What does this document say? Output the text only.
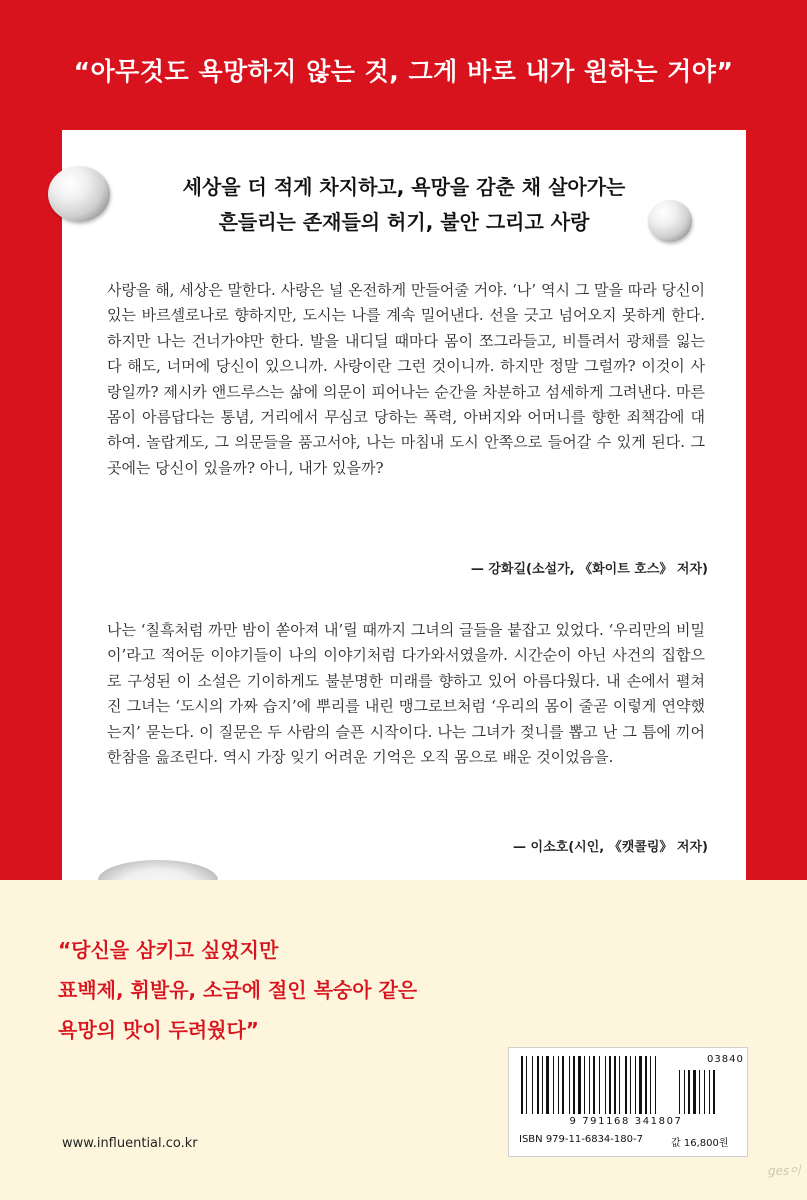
“아무것도 욕망하지 않는 것, 그게 바로 내가 원하는 거야”
세상을 더 적게 차지하고, 욕망을 감춘 채 살아가는
흔들리는 존재들의 허기, 불안 그리고 사랑

사랑을 해, 세상은 말한다. 사랑은 널 온전하게 만들어줄 거야. ‘나’ 역시 그 말을 따라 당신이 있는 바르셀로나로 향하지만, 도시는 나를 계속 밀어낸다. 선을 긋고 넘어오지 못하게 한다. 하지만 나는 건너가야만 한다. 발을 내디딜 때마다 몸이 쪼그라들고, 비틀려서 광채를 잃는다 해도, 너머에 당신이 있으니까. 사랑이란 그런 것이니까. 하지만 정말 그럴까? 이것이 사랑일까? 제시카 앤드루스는 삶에 의문이 피어나는 순간을 차분하고 섬세하게 그려낸다. 마른 몸이 아름답다는 통념, 거리에서 무심코 당하는 폭력, 아버지와 어머니를 향한 죄책감에 대하여. 놀랍게도, 그 의문들을 품고서야, 나는 마침내 도시 안쪽으로 들어갈 수 있게 된다. 그곳에는 당신이 있을까? 아니, 내가 있을까?

— 강화길(소설가, 《화이트 호스》 저자)

나는 ‘칠흑처럼 까만 밤이 쏟아져 내’릴 때까지 그녀의 글들을 붙잡고 있었다. ‘우리만의 비밀이’라고 적어둔 이야기들이 나의 이야기처럼 다가와서였을까. 시간순이 아닌 사건의 집합으로 구성된 이 소설은 기이하게도 불분명한 미래를 향하고 있어 아름다웠다. 내 손에서 펼쳐진 그녀는 ‘도시의 가짜 습지’에 뿌리를 내린 맹그로브처럼 ‘우리의 몸이 줄곧 이렇게 연약했는지’ 묻는다. 이 질문은 두 사람의 슬픈 시작이다. 나는 그녀가 젖니를 뽑고 난 그 틈에 끼어 한참을 읊조린다. 역시 가장 잊기 어려운 기억은 오직 몸으로 배운 것이었음을.

— 이소호(시인, 《캣콜링》 저자)
“당신을 삼키고 싶었지만
표백제, 휘발유, 소금에 절인 복숭아 같은
욕망의 맛이 두려웠다”
www.influential.co.kr
03840
9 791168 341807
ISBN 979-11-6834-180-7	값 16,800원
ges이
